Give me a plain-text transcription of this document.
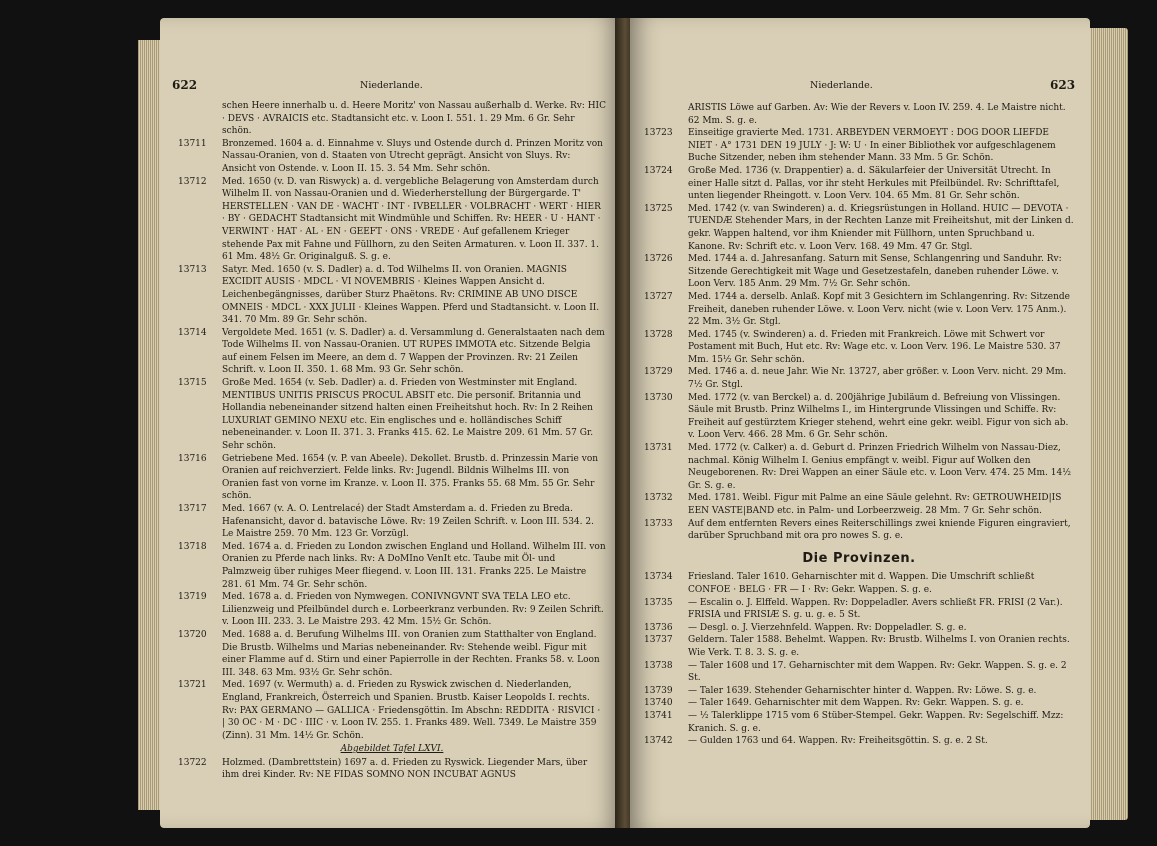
622	Niederlande.

schen Heere innerhalb u. d. Heere Moritz' von Nassau außerhalb d. Werke. Rv: HIC · DEVS · AVRAICIS etc. Stadtansicht etc. v. Loon I. 551. 1. 29 Mm. 6 Gr. Sehr schön.

13711	Bronzemed. 1604 a. d. Einnahme v. Sluys und Ostende durch d. Prinzen Moritz von Nassau-Oranien, von d. Staaten von Utrecht geprägt. Ansicht von Sluys. Rv: Ansicht von Ostende. v. Loon II. 15. 3. 54 Mm. Sehr schön.

13712	Med. 1650 (v. D. van Riswyck) a. d. vergebliche Belagerung von Amsterdam durch Wilhelm II. von Nassau-Oranien und d. Wiederherstellung der Bürgergarde. T' HERSTELLEN · VAN DE · WACHT · INT · IVBELLER · VOLBRACHT · WERT · HIER · BY · GEDACHT Stadtansicht mit Windmühle und Schiffen. Rv: HEER · U · HANT · VERWINT · HAT · AL · EN · GEEFT · ONS · VREDE · Auf gefallenem Krieger stehende Pax mit Fahne und Füllhorn, zu den Seiten Armaturen. v. Loon II. 337. 1. 61 Mm. 48½ Gr. Originalguß. S. g. e.

13713	Satyr. Med. 1650 (v. S. Dadler) a. d. Tod Wilhelms II. von Oranien. MAGNIS EXCIDIT AUSIS · MDCL · VI NOVEMBRIS · Kleines Wappen Ansicht d. Leichenbegängnisses, darüber Sturz Phaëtons. Rv: CRIMINE AB UNO DISCE OMNEIS · MDCL · XXX JULII · Kleines Wappen. Pferd und Stadtansicht. v. Loon II. 341. 70 Mm. 89 Gr. Sehr schön.

13714	Vergoldete Med. 1651 (v. S. Dadler) a. d. Versammlung d. Generalstaaten nach dem Tode Wilhelms II. von Nassau-Oranien. UT RUPES IMMOTA etc. Sitzende Belgia auf einem Felsen im Meere, an dem d. 7 Wappen der Provinzen. Rv: 21 Zeilen Schrift. v. Loon II. 350. 1. 68 Mm. 93 Gr. Sehr schön.

13715	Große Med. 1654 (v. Seb. Dadler) a. d. Frieden von Westminster mit England. MENTIBUS UNITIS PRISCUS PROCUL ABSIT etc. Die personif. Britannia und Hollandia nebeneinander sitzend halten einen Freiheitshut hoch. Rv: In 2 Reihen LUXURIAT GEMINO NEXU etc. Ein englisches und e. holländisches Schiff nebeneinander. v. Loon II. 371. 3. Franks 415. 62. Le Maistre 209. 61 Mm. 57 Gr. Sehr schön.

13716	Getriebene Med. 1654 (v. P. van Abeele). Dekollet. Brustb. d. Prinzessin Marie von Oranien auf reichverziert. Felde links. Rv: Jugendl. Bildnis Wilhelms III. von Oranien fast von vorne im Kranze. v. Loon II. 375. Franks 55. 68 Mm. 55 Gr. Sehr schön.

13717	Med. 1667 (v. A. O. Lentrelacé) der Stadt Amsterdam a. d. Frieden zu Breda. Hafenansicht, davor d. batavische Löwe. Rv: 19 Zeilen Schrift. v. Loon III. 534. 2. Le Maistre 259. 70 Mm. 123 Gr. Vorzügl.

13718	Med. 1674 a. d. Frieden zu London zwischen England und Holland. Wilhelm III. von Oranien zu Pferde nach links. Rv: A DoMIno VenIt etc. Taube mit Öl- und Palmzweig über ruhiges Meer fliegend. v. Loon III. 131. Franks 225. Le Maistre 281. 61 Mm. 74 Gr. Sehr schön.

13719	Med. 1678 a. d. Frieden von Nymwegen. CONIVNGVNT SVA TELA LEO etc. Lilienzweig und Pfeilbündel durch e. Lorbeerkranz verbunden. Rv: 9 Zeilen Schrift. v. Loon III. 233. 3. Le Maistre 293. 42 Mm. 15½ Gr. Schön.

13720	Med. 1688 a. d. Berufung Wilhelms III. von Oranien zum Statthalter von England. Die Brustb. Wilhelms und Marias nebeneinander. Rv: Stehende weibl. Figur mit einer Flamme auf d. Stirn und einer Papierrolle in der Rechten. Franks 58. v. Loon III. 348. 63 Mm. 93½ Gr. Sehr schön.

13721	Med. 1697 (v. Wermuth) a. d. Frieden zu Ryswick zwischen d. Niederlanden, England, Frankreich, Österreich und Spanien. Brustb. Kaiser Leopolds I. rechts. Rv: PAX GERMANO — GALLICA · Friedensgöttin. Im Abschn: REDDITA · RISVICI · | 30 OC · M · DC · IIIC · v. Loon IV. 255. 1. Franks 489. Well. 7349. Le Maistre 359 (Zinn). 31 Mm. 14½ Gr. Schön.

Abgebildet Tafel LXVI.

13722	Holzmed. (Dambrettstein) 1697 a. d. Frieden zu Ryswick. Liegender Mars, über ihm drei Kinder. Rv: NE FIDAS SOMNO NON INCUBAT AGNUS

Niederlande.	623

ARISTIS Löwe auf Garben. Av: Wie der Revers v. Loon IV. 259. 4. Le Maistre nicht. 62 Mm. S. g. e.

13723	Einseitige gravierte Med. 1731. ARBEYDEN VERMOEYT : DOG DOOR LIEFDE NIET · A° 1731 DEN 19 JULY · J: W: U · In einer Bibliothek vor aufgeschlagenem Buche Sitzender, neben ihm stehender Mann. 33 Mm. 5 Gr. Schön.

13724	Große Med. 1736 (v. Drappentier) a. d. Säkularfeier der Universität Utrecht. In einer Halle sitzt d. Pallas, vor ihr steht Herkules mit Pfeilbündel. Rv: Schrifttafel, unten liegender Rheingott. v. Loon Verv. 104. 65 Mm. 81 Gr. Sehr schön.

13725	Med. 1742 (v. van Swinderen) a. d. Kriegsrüstungen in Holland. HUIC — DEVOTA · TUENDÆ Stehender Mars, in der Rechten Lanze mit Freiheitshut, mit der Linken d. gekr. Wappen haltend, vor ihm Kniender mit Füllhorn, unten Spruchband u. Kanone. Rv: Schrift etc. v. Loon Verv. 168. 49 Mm. 47 Gr. Stgl.

13726	Med. 1744 a. d. Jahresanfang. Saturn mit Sense, Schlangenring und Sanduhr. Rv: Sitzende Gerechtigkeit mit Wage und Gesetzestafeln, daneben ruhender Löwe. v. Loon Verv. 185 Anm. 29 Mm. 7½ Gr. Sehr schön.

13727	Med. 1744 a. derselb. Anlaß. Kopf mit 3 Gesichtern im Schlangenring. Rv: Sitzende Freiheit, daneben ruhender Löwe. v. Loon Verv. nicht (wie v. Loon Verv. 175 Anm.). 22 Mm. 3½ Gr. Stgl.

13728	Med. 1745 (v. Swinderen) a. d. Frieden mit Frankreich. Löwe mit Schwert vor Postament mit Buch, Hut etc. Rv: Wage etc. v. Loon Verv. 196. Le Maistre 530. 37 Mm. 15½ Gr. Sehr schön.

13729	Med. 1746 a. d. neue Jahr. Wie Nr. 13727, aber größer. v. Loon Verv. nicht. 29 Mm. 7½ Gr. Stgl.

13730	Med. 1772 (v. van Berckel) a. d. 200jährige Jubiläum d. Befreiung von Vlissingen. Säule mit Brustb. Prinz Wilhelms I., im Hintergrunde Vlissingen und Schiffe. Rv: Freiheit auf gestürztem Krieger stehend, wehrt eine gekr. weibl. Figur von sich ab. v. Loon Verv. 466. 28 Mm. 6 Gr. Sehr schön.

13731	Med. 1772 (v. Calker) a. d. Geburt d. Prinzen Friedrich Wilhelm von Nassau-Diez, nachmal. König Wilhelm I. Genius empfängt v. weibl. Figur auf Wolken den Neugeborenen. Rv: Drei Wappen an einer Säule etc. v. Loon Verv. 474. 25 Mm. 14½ Gr. S. g. e.

13732	Med. 1781. Weibl. Figur mit Palme an eine Säule gelehnt. Rv: GETROUWHEID|IS EEN VASTE|BAND etc. in Palm- und Lorbeerzweig. 28 Mm. 7 Gr. Sehr schön.

13733	Auf dem entfernten Revers eines Reiterschillings zwei kniende Figuren eingraviert, darüber Spruchband mit ora pro nowes S. g. e.

Die Provinzen.

13734	Friesland. Taler 1610. Geharnischter mit d. Wappen. Die Umschrift schließt CONFOE · BELG · FR — I · Rv: Gekr. Wappen. S. g. e.

13735	— Escalin o. J. Elffeld. Wappen. Rv: Doppeladler. Avers schließt FR. FRISI (2 Var.). FRISIA und FRISIÆ S. g. u. g. e. 5 St.

13736	— Desgl. o. J. Vierzehnfeld. Wappen. Rv: Doppeladler. S. g. e.

13737	Geldern. Taler 1588. Behelmt. Wappen. Rv: Brustb. Wilhelms I. von Oranien rechts. Wie Verk. T. 8. 3. S. g. e.

13738	— Taler 1608 und 17. Geharnischter mit dem Wappen. Rv: Gekr. Wappen. S. g. e. 2 St.

13739	— Taler 1639. Stehender Geharnischter hinter d. Wappen. Rv: Löwe. S. g. e.

13740	— Taler 1649. Geharnischter mit dem Wappen. Rv: Gekr. Wappen. S. g. e.

13741	— ½ Talerklippe 1715 vom 6 Stüber-Stempel. Gekr. Wappen. Rv: Segelschiff. Mzz: Kranich. S. g. e.

13742	— Gulden 1763 und 64. Wappen. Rv: Freiheitsgöttin. S. g. e. 2 St.
